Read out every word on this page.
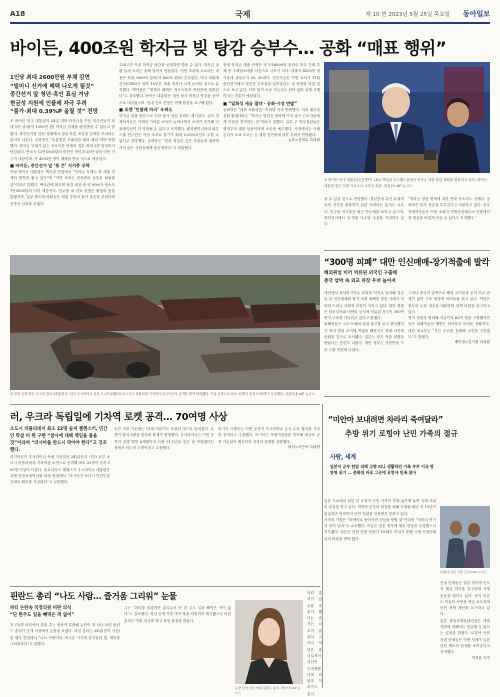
A18	국제	제 10 면 2023년 5월 25일 목요일 동아일보
바이든, 400조원 학자금 빚 탕감 승부수… 공화 “매표 행위”
1인당 최대 2600만원 부채 감면
“빌미니 선거에 혜택 나오게 될것”
중간선거 앞 청년·흑인 표심 겨냥
현금성 지원에 인플레 자극 우려
“불가·최대 0.39%P 올릴 것” 전망

조 바이든 미국 대통령이 24일 대학 학자금을 가진 미국인들이 최대 1만 달러(약 1300만 원) 학자금 부채를 탕감받을 수 있다고 밝혔다. 중간선거를 앞둔 상황에서 청년·흑인 표심을 공략한 조치라는 분석이 나온다. 공화당은 “무분별한 포퓰리즘 매표 행위”라며 반발했다. 학자금 부채가 있는 저소득층 학생의 경우 최대 2만 달러까지 탕감된다. 연소득 12만5000달러 미만인 개인과 25만 달러 미만 가구가 대상이며, 약 4300만 명이 혜택을 받을 것으로 예상된다.

■ 바이든, 중간선거 앞 ‘통 큰’ 지지층 공략

이날 바이든 대통령은 백악관 연설에서 “학자금 부채는 한 세대 전체의 발목을 잡고 있다”며 “이번 조치는 중산층의 숨통을 틔워줄 것”이라고 말했다. 백악관에 따르면 탕감 대상 중 약 90%가 연소득 7만5000달러 이하 계층이다. 민주당 내 진보 진영은 환영의 뜻을 밝혔지만, 일부 중도파 의원들은 재정 부담과 물가 상승을 우려하며 신중한 입장을 보였다.

124시간 이내 학자금 탕감을 신청하면 받을 수 있다. 학자금 상환 유예 조치는 올해 말까지 연장된다. 이번 조치에 소요되는 비용은 최대 3000억 달러(약 400조 원)로 추산된다. 미국 의회예산국(CBO)은 향후 10년간 재정 적자가 크게 늘어날 것으로 분석했다. 백악관은 “정책의 혜택은 저소득층과 중산층에 집중된다”고 강조했다. 바이든 대통령은 대선 당시 학자금 탕감을 공약으로 내걸었으며, 당내 진보 진영은 전액 탕감을 요구해 왔다.

■ 로젠 ‘인플레 자극’ 우려도

학자금 대출 탕감으로 인한 물가 상승 우려도 제기된다. 일부 경제학자들은 가계의 가처분 소득이 늘어나면서 소비가 증가해 인플레이션이 더 악화될 수 있다고 지적했다. 펜실베이니아대 와튼스쿨 연구진은 이번 조치로 물가가 최대 0.39%포인트 오를 수 있다고 전망했다. 공화당은 “빚을 성실히 갚은 사람들과 대학에 가지 않은 사람들에게 불공정하다”고 비판했다.

현재 학자금 대출 잔액은 약 1조6000억 달러로 미국 가계 부채 중 주택담보대출 다음으로 규모가 크다. 대출자 4500만 명 가운데 상당수가 20, 30대다. 전문가들은 이번 조치가 11월 중간선거에서 청년층 투표율을 끌어올리는 데 영향을 미칠 것으로 보고 있다. 다만 법적 소송 가능성도 남아 있어 실제 시행까지는 진통이 예상된다.

■ “일회성 세금 절약 · 공화·시장 반발”

공화당은 “대표 포퓰리즘” 이라며 즉각 반발했다. 미치 매코널 상원 원내대표는 “학자금 탕감은 대학에 가지 않은 근로자들에게 부담을 전가하는 것”이라고 말했다. 일부 주 법무장관들은 행정부의 권한 남용이라며 소송을 예고했다. 시장에서는 국채 금리가 소폭 오르는 등 재정 건전성에 대한 우려가 반영됐다.

뉴욕=김현수 특파원

조 바이든 미국 대통령(오른쪽)이 24일 백악관 루스벨트룸에서 학자금 대출 탕감 계획을 발표하고 있다. 바이든 대통령 옆은 미겔 카르도나 교육부 장관. 워싱턴=AP 뉴시스

을 수 있을 것으로 전망했다. 청년층과 흑인 유권자들의 지지를 회복하기 위한 조치라는 분석도 나온다. 민주당 지지율은 최근 반등세를 보이고 있으며, 중간선거에서 상·하원 다수당 수성을 기대하고 있다.

“학자금 탕감 정책에 대한 반대 목소리도 거세다. 공화당은 물가 상승을 부추긴다고 비판하고 있다. 일부 경제학자들은 이번 조치가 연방준비제도의 인플레이션 대응을 어렵게 만들 수 있다고 지적했다.”

러 포탄 공격 받은 우크라 열차 24일(현지 시간) 우크라이나 동부 드니프로페트로우스크주 차플리네 기차역이 러시아군의 공격을 받아 파괴됐다. 이날 공격으로 최소 22명이 숨지고 50명이 부상했다. 차플리네=AP 뉴시스
“300명 피폐” 대만 인신매매-장기적출에 발칵
해외취업 미끼 억류된 외국인 구출해
중국 압박 속 외교 파장 우려 높아져

대만에서 동남아시아로 취업을 미끼로 납치돼 감금된 뒤 인신매매와 장기 적출 피해를 당한 사례가 잇따라 드러나 사회적 파장이 커지고 있다. 대만 경찰은 캄보디아와 미얀마 등지에 억류된 자국민 300여 명이 구조를 기다리고 있다고 밝혔다.

피해자들은 고수익 해외 취업 광고를 보고 출국했다가 현지 범죄 조직에 여권을 빼앗기고 전화 사기에 동원된 것으로 조사됐다. 일부는 장기 적출 위협을 받았다는 증언도 나왔다. 대만 정부는 전담반을 꾸려 구출 작전에 나섰다.

그러나 중국의 압박으로 해당 국가들과 공식 외교 관계가 없어 구조 협상에 어려움을 겪고 있다. 야당은 정부의 늦장 대응을 비판하며 대책 마련을 촉구하고 있다.

현지 경찰과 협력해 지금까지 60여 명을 구출했지만 남은 피해자들의 행방은 파악하기 어려운 상황이다. 대만 외교부는 “모든 수단을 동원해 국민을 구하겠다”고 밝혔다.

베이징=김기용 특파원

러, 우크라 독립일에 기차역 로켓 공격… 70여명 사상

소도시 차플리네서 최소 22명 숨져 젤렌스키, 민간인 학살 비 판 구한 “참사에 대해 책임을 물을 것”이라며 “러시아를 반드시 막아야 한다”고 강조했다.

러시아군이 우크라이나 독립 기념일인 24일(현지 시간) 동부 소도시 차플리네의 기차역을 로켓으로 공격해 최소 22명이 숨지고 50명 이상이 다쳤다. 볼로디미르 젤렌스키 우크라이나 대통령은 유엔 안전보장이사회 화상 연설에서 “러시아가 또다시 민간인을 상대로 테러를 저질렀다”고 규탄했다.

숨진 사람 가운데는 11세 어린이도 포함된 것으로 알려졌다. 로켓이 열차 5량을 덮치며 화재가 발생했다. 우크라이나는 이번 공격이 전쟁 발발 6개월이자 독립 31주년을 맞은 날 이뤄졌다는 점에서 의도적 도발이라고 주장했다.

러시아 국방부는 이번 공격이 우크라이나 군사 수송 열차를 겨냥한 것이라고 주장했다. 러시아는 독립기념일을 전후해 대규모 공격 가능성이 제기되자 각지의 경계를 강화했다.

파리=조은아 특파원

핀란드 총리 “나도 사람… 즐거움 그리워” 눈물
파티 논란속 국정의원 비판 의식
“단 한주도 일을 빼먹은 적 없어”

친구들과 파티에서 춤을 추는 영상이 유출돼 논란이 된 산나 마린 핀란드 총리가 공개 석상에서 눈물을 보였다. 마린 총리는 24일(현지 시간) 한 행사 연설에서 “나도 사람이다. 어두운 시기에 즐거움과 빛, 재미를 그리워한다”고 말했다.

그는 “파티를 즐겼지만 총리로서 단 한 주도 일을 빼먹은 적이 없다”고 강조했다. 영상 공개 이후 마약 복용 의혹까지 제기됐으나 마린 총리는 약물 검사를 받고 음성 판정을 받았다.

마린 총리가 업무를 소홀히 했다는 증거는 나오지 않았다. 그러나 야당은 총리로서의 처신이 부적절했다며 비판을 이어가고 있다.

눈물 보인 산나 마린 핀란드 총리. 라흐티=AP 뉴시스
“미안마 보내려면 차라리 죽여달라”
추방 위기 로힝야 난민 가족의 절규
사람, 세계

일본서 군부 탄압 피해 고향 떠나 생활하던 가족 부부 이국 땅 망명 위기 … 문화대 바로 그곳에 로힝야 민족 찾아

로힝야 난민 가족 도쿄=AP 뉴시스

일본 도쿄에서 살던 한 로힝야 난민 가족이 추방 위기에 놓여 국제 사회의 관심을 받고 있다. 미얀마 군부의 탄압을 피해 고향을 떠난 지 10년이 넘었지만 아직까지 난민 지위를 인정받지 못하고 있다.

가족의 가장은 “미얀마로 돌아가면 죽임을 당할 것”이라며 “차라리 여기서 죽여 달라”고 호소했다. 이들은 일본 정부에 체류 연장을 신청했으나 거부됐다. 일본은 난민 인정 비율이 1%에도 미치지 못해 국제 인권단체들의 비판을 받아 왔다.

인권 단체들은 일본 정부에 인도적 체류 허가를 촉구하며 서명 운동을 벌이고 있다. 현지 언론도 이들의 사연을 연일 보도하며 난민 정책 개선을 요구하고 있다.

일본 출입국재류관리청은 개별 사안에 대해서는 언급할 수 없다는 입장을 밝혔다. 로힝야 난민 지원 단체들은 이번 사례가 일본 난민 제도의 문제를 보여준다고 지적했다.

이지윤 기자
